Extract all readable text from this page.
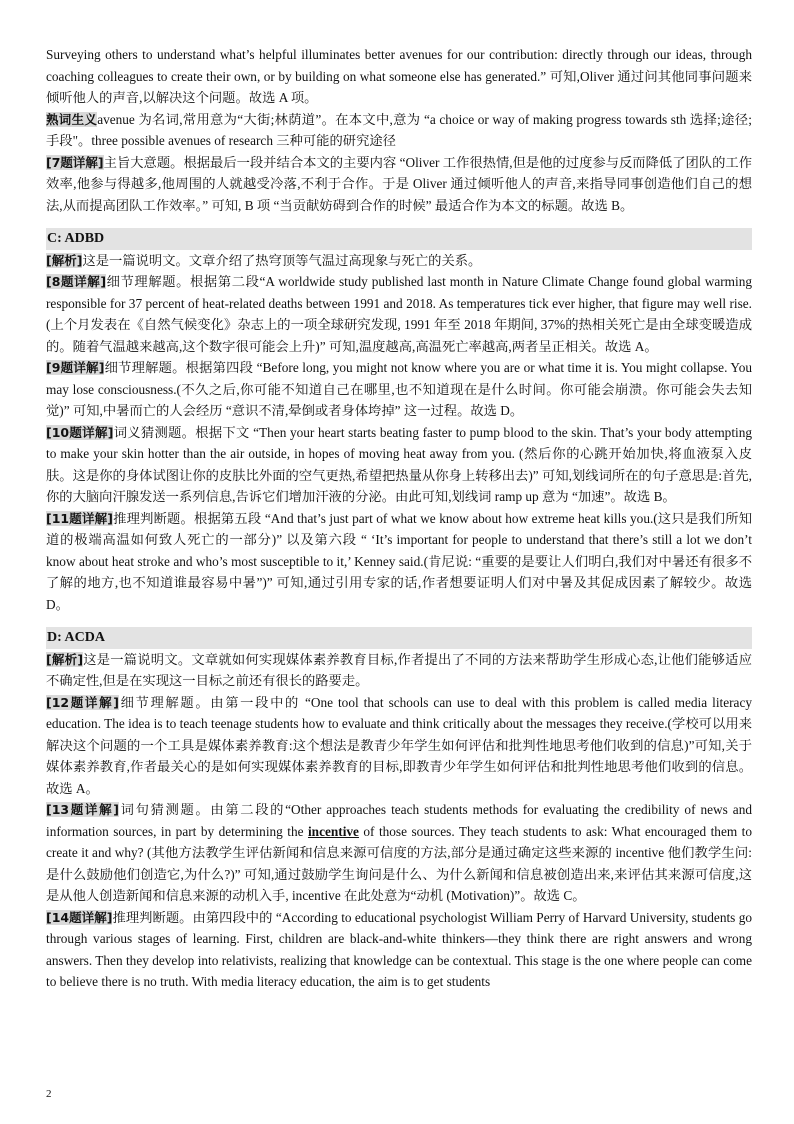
Surveying others to understand what’s helpful illuminates better avenues for our contribution: directly through our ideas, through coaching colleagues to create their own, or by building on what someone else has generated.” 可知,Oliver 通过问其他同事问题来倾听他人的声音,以解决这个问题。故选 A 项。

熟词生义avenue 为名词,常用意为“大街;林荫道”。在本文中,意为 “a choice or way of making progress towards sth 选择;途径;手段"。three possible avenues of research 三种可能的研究途径

[7题详解]主旨大意题。根据最后一段并结合本文的主要内容 “Oliver 工作很热情,但是他的过度参与反而降低了团队的工作效率,他参与得越多,他周围的人就越受冷落,不利于合作。于是 Oliver 通过倾听他人的声音,来指导同事创造他们自己的想法,从而提高团队工作效率。” 可知, B 项 “当贡献妨碍到合作的时候” 最适合作为本文的标题。故选 B。

C: ADBD

[解析]这是一篇说明文。文章介绍了热穹顶等气温过高现象与死亡的关系。

[8题详解]细节理解题。根据第二段“A worldwide study published last month in Nature Climate Change found global warming responsible for 37 percent of heat-related deaths between 1991 and 2018. As temperatures tick ever higher, that figure may well rise.(上个月发表在《自然气候变化》杂志上的一项全球研究发现, 1991 年至 2018 年期间, 37%的热相关死亡是由全球变暖造成的。随着气温越来越高,这个数字很可能会上升)” 可知,温度越高,高温死亡率越高,两者呈正相关。故选 A。

[9题详解]细节理解题。根据第四段 “Before long, you might not know where you are or what time it is. You might collapse. You may lose consciousness.(不久之后,你可能不知道自己在哪里,也不知道现在是什么时间。你可能会崩溃。你可能会失去知觉)” 可知,中暑而亡的人会经历 “意识不清,晕倒或者身体垮掉” 这一过程。故选 D。

[10题详解]词义猜测题。根据下文 “Then your heart starts beating faster to pump blood to the skin. That’s your body attempting to make your skin hotter than the air outside, in hopes of moving heat away from you. (然后你的心跳开始加快,将血液泵入皮肤。这是你的身体试图让你的皮肤比外面的空气更热,希望把热量从你身上转移出去)” 可知,划线词所在的句子意思是:首先,你的大脑向汗腺发送一系列信息,告诉它们增加汗液的分泌。由此可知,划线词 ramp up 意为 “加速”。故选 B。

[11题详解]推理判断题。根据第五段 “And that’s just part of what we know about how extreme heat kills you.(这只是我们所知道的极端高温如何致人死亡的一部分)” 以及第六段 “ ‘It’s important for people to understand that there’s still a lot we don’t know about heat stroke and who’s most susceptible to it,’ Kenney said.(肯尼说: “重要的是要让人们明白,我们对中暑还有很多不了解的地方,也不知道谁最容易中暑”)” 可知,通过引用专家的话,作者想要证明人们对中暑及其促成因素了解较少。故选 D。

D: ACDA

[解析]这是一篇说明文。文章就如何实现媒体素养教育目标,作者提出了不同的方法来帮助学生形成心态,让他们能够适应不确定性,但是在实现这一目标之前还有很长的路要走。

[12题详解]细节理解题。由第一段中的 “One tool that schools can use to deal with this problem is called media literacy education. The idea is to teach teenage students how to evaluate and think critically about the messages they receive.(学校可以用来解决这个问题的一个工具是媒体素养教育:这个想法是教青少年学生如何评估和批判性地思考他们收到的信息)”可知,关于媒体素养教育,作者最关心的是如何实现媒体素养教育的目标,即教青少年学生如何评估和批判性地思考他们收到的信息。故选 A。

[13题详解]词句猜测题。由第二段的“Other approaches teach students methods for evaluating the credibility of news and information sources, in part by determining the incentive of those sources. They teach students to ask: What encouraged them to create it and why? (其他方法教学生评估新闻和信息来源可信度的方法,部分是通过确定这些来源的 incentive 他们教学生问:是什么鼓励他们创造它,为什么?)” 可知,通过鼓励学生询问是什么、为什么新闻和信息被创造出来,来评估其来源可信度,这是从他人创造新闻和信息来源的动机入手, incentive 在此处意为“动机 (Motivation)”。故选 C。

[14题详解]推理判断题。由第四段中的 “According to educational psychologist William Perry of Harvard University, students go through various stages of learning. First, children are black-and-white thinkers—they think there are right answers and wrong answers. Then they develop into relativists, realizing that knowledge can be contextual. This stage is the one where people can come to believe there is no truth. With media literacy education, the aim is to get students

2
